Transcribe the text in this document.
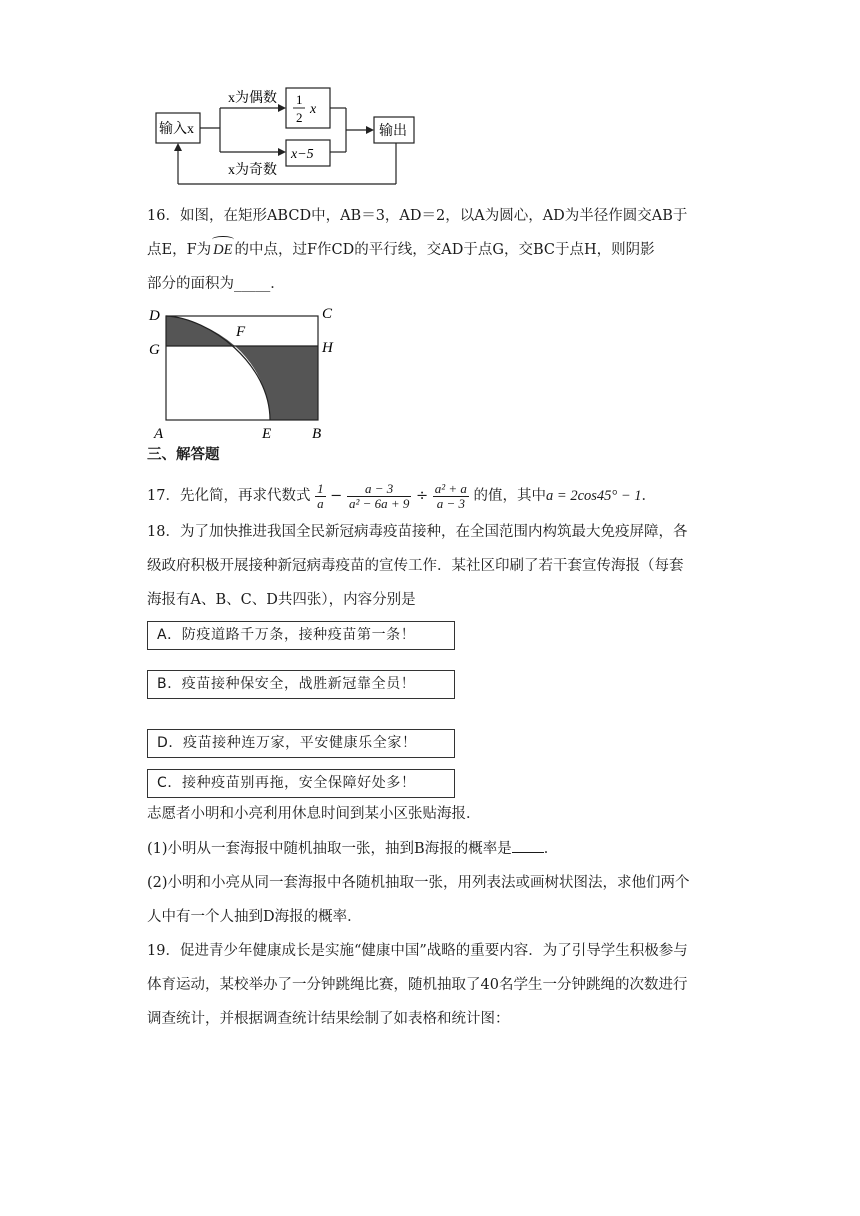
输入x
x为偶数
x为奇数
1
2
x
x−5
输出
16．如图，在矩形ABCD中，AB＝3，AD＝2，以A为圆心，AD为半径作圆交AB于
点E，F为 DE 的中点，过F作CD的平行线，交AD于点G，交BC于点H，则阴影
部分的面积为_____．
D	C
G	H
F
A	E	B
三、解答题
17．先化简，再求代数式 $\frac{1}{a} - \frac{a - 3}{\text{a² − 6a + 9}} \div \frac{\text{a² + a}}{a - 3}$ 的值，其中a = 2cos45° − 1．
18．为了加快推进我国全民新冠病毒疫苗接种，在全国范围内构筑最大免疫屏障，各
级政府积极开展接种新冠病毒疫苗的宣传工作．某社区印刷了若干套宣传海报（每套
海报有A、B、C、D共四张），内容分别是
A．防疫道路千万条，接种疫苗第一条！
B．疫苗接种保安全，战胜新冠靠全员！
D．疫苗接种连万家，平安健康乐全家！
C．接种疫苗别再拖，安全保障好处多！
志愿者小明和小亮利用休息时间到某小区张贴海报．
(1)小明从一套海报中随机抽取一张，抽到B海报的概率是 ．
(2)小明和小亮从同一套海报中各随机抽取一张，用列表法或画树状图法，求他们两个
人中有一个人抽到D海报的概率．
19．促进青少年健康成长是实施“健康中国”战略的重要内容．为了引导学生积极参与
体育运动，某校举办了一分钟跳绳比赛，随机抽取了40名学生一分钟跳绳的次数进行
调查统计，并根据调查统计结果绘制了如表格和统计图：
